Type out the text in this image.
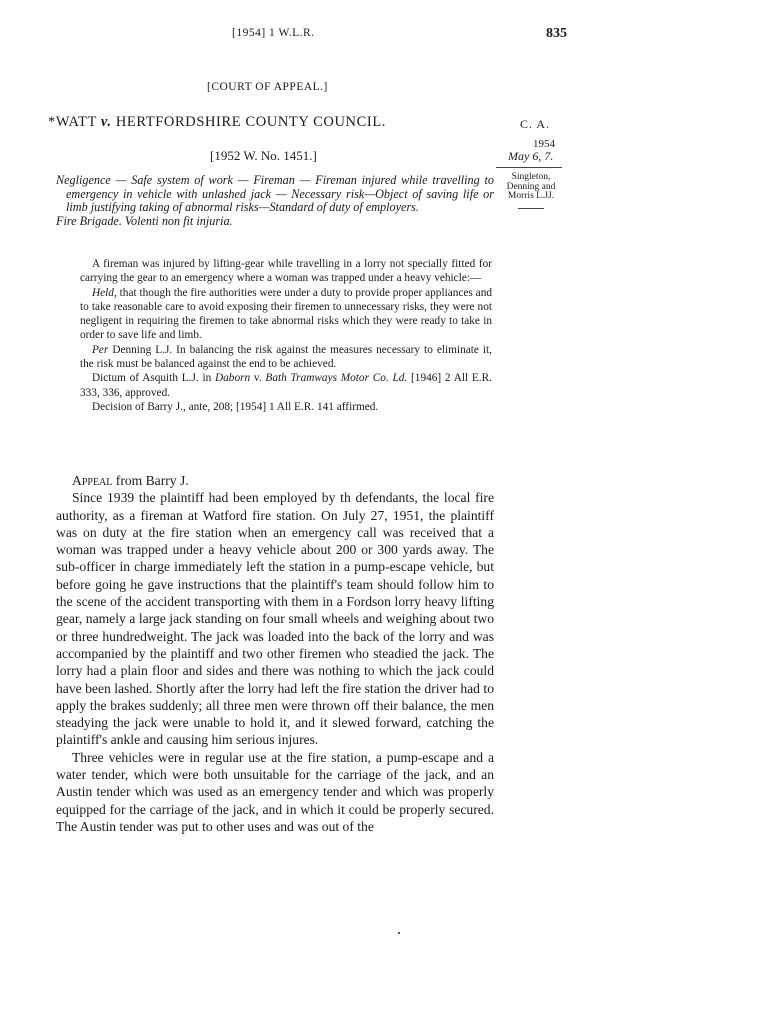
[1954] 1 W.L.R.	835
[COURT OF APPEAL.]
*WATT v. HERTFORDSHIRE COUNTY COUNCIL.
[1952 W. No. 1451.]
C. A.
1954
May 6, 7.
Singleton,
Denning and
Morris L.JJ.

Negligence — Safe system of work — Fireman — Fireman injured while travelling to emergency in vehicle with unlashed jack — Necessary risk—Object of saving life or limb justifying taking of abnormal risks—Standard of duty of employers.

Fire Brigade. Volenti non fit injuria.

A fireman was injured by lifting-gear while travelling in a lorry not specially fitted for carrying the gear to an emergency where a woman was trapped under a heavy vehicle:—

Held, that though the fire authorities were under a duty to provide proper appliances and to take reasonable care to avoid exposing their firemen to unnecessary risks, they were not negligent in requiring the firemen to take abnormal risks which they were ready to take in order to save life and limb.

Per Denning L.J. In balancing the risk against the measures necessary to eliminate it, the risk must be balanced against the end to be achieved.

Dictum of Asquith L.J. in Daborn v. Bath Tramways Motor Co. Ld. [1946] 2 All E.R. 333, 336, approved.

Decision of Barry J., ante, 208; [1954] 1 All E.R. 141 affirmed.

Appeal from Barry J.

Since 1939 the plaintiff had been employed by th defendants, the local fire authority, as a fireman at Watford fire station. On July 27, 1951, the plaintiff was on duty at the fire station when an emergency call was received that a woman was trapped under a heavy vehicle about 200 or 300 yards away. The sub-officer in charge immediately left the station in a pump-escape vehicle, but before going he gave instructions that the plaintiff's team should follow him to the scene of the accident transporting with them in a Fordson lorry heavy lifting gear, namely a large jack standing on four small wheels and weighing about two or three hundredweight. The jack was loaded into the back of the lorry and was accompanied by the plaintiff and two other firemen who steadied the jack. The lorry had a plain floor and sides and there was nothing to which the jack could have been lashed. Shortly after the lorry had left the fire station the driver had to apply the brakes suddenly; all three men were thrown off their balance, the men steadying the jack were unable to hold it, and it slewed forward, catching the plaintiff's ankle and causing him serious injures.

Three vehicles were in regular use at the fire station, a pump-escape and a water tender, which were both unsuitable for the carriage of the jack, and an Austin tender which was used as an emergency tender and which was properly equipped for the carriage of the jack, and in which it could be properly secured. The Austin tender was put to other uses and was out of the
